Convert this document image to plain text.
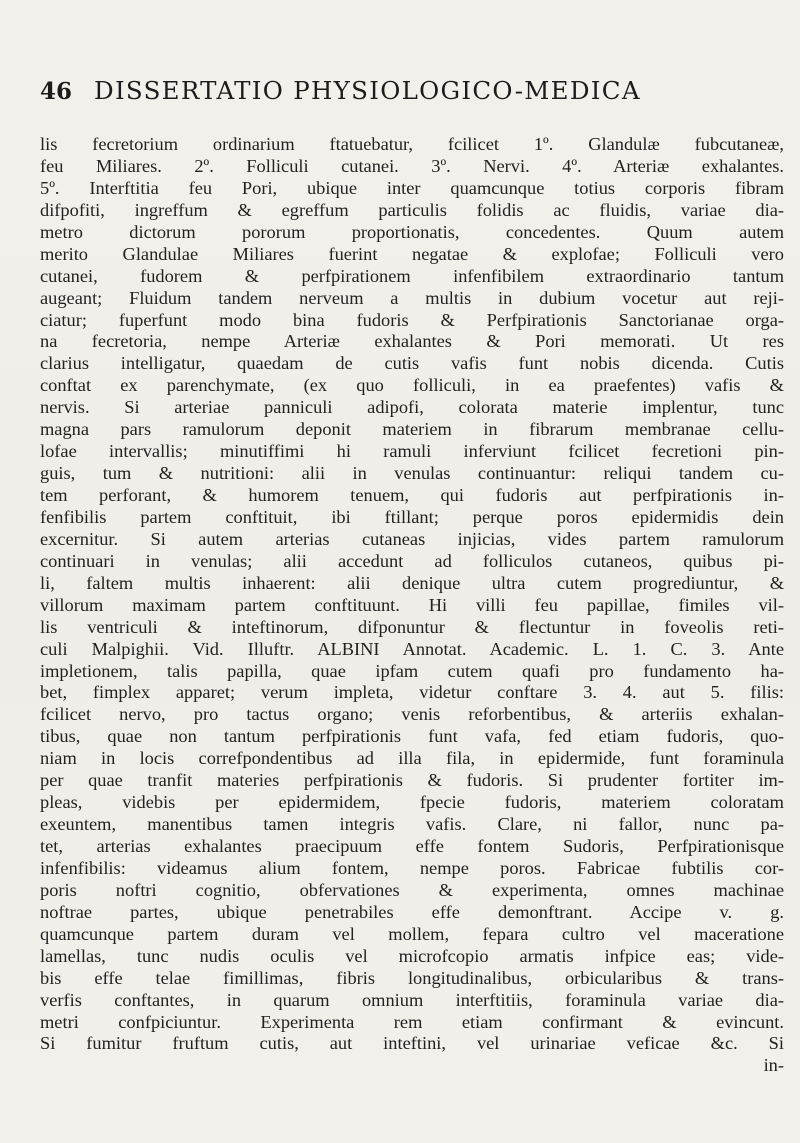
46 DISSERTATIO PHYSIOLOGICO-MEDICA
lis fecretorium ordinarium ftatuebatur, fcilicet 1º. Glandulæ fubcutaneæ,
feu Miliares. 2º. Folliculi cutanei. 3º. Nervi. 4º. Arteriæ exhalantes.
5º. Interftitia feu Pori, ubique inter quamcunque totius corporis fibram
difpofiti, ingreffum & egreffum particulis folidis ac fluidis, variae dia-
metro dictorum pororum proportionatis, concedentes. Quum autem
merito Glandulae Miliares fuerint negatae & explofae; Folliculi vero
cutanei, fudorem & perfpirationem infenfibilem extraordinario tantum
augeant; Fluidum tandem nerveum a multis in dubium vocetur aut reji-
ciatur; fuperfunt modo bina fudoris & Perfpirationis Sanctorianae orga-
na fecretoria, nempe Arteriæ exhalantes & Pori memorati. Ut res
clarius intelligatur, quaedam de cutis vafis funt nobis dicenda. Cutis
conftat ex parenchymate, (ex quo folliculi, in ea praefentes) vafis &
nervis. Si arteriae panniculi adipofi, colorata materie implentur, tunc
magna pars ramulorum deponit materiem in fibrarum membranae cellu-
lofae intervallis; minutiffimi hi ramuli inferviunt fcilicet fecretioni pin-
guis, tum & nutritioni: alii in venulas continuantur: reliqui tandem cu-
tem perforant, & humorem tenuem, qui fudoris aut perfpirationis in-
fenfibilis partem conftituit, ibi ftillant; perque poros epidermidis dein
excernitur. Si autem arterias cutaneas injicias, vides partem ramulorum
continuari in venulas; alii accedunt ad folliculos cutaneos, quibus pi-
li, faltem multis inhaerent: alii denique ultra cutem progrediuntur, &
villorum maximam partem conftituunt. Hi villi feu papillae, fimiles vil-
lis ventriculi & inteftinorum, difponuntur & flectuntur in foveolis reti-
culi Malpighii. Vid. Illuftr. ALBINI Annotat. Academic. L. 1. C. 3. Ante
impletionem, talis papilla, quae ipfam cutem quafi pro fundamento ha-
bet, fimplex apparet; verum impleta, videtur conftare 3. 4. aut 5. filis:
fcilicet nervo, pro tactus organo; venis reforbentibus, & arteriis exhalan-
tibus, quae non tantum perfpirationis funt vafa, fed etiam fudoris, quo-
niam in locis correfpondentibus ad illa fila, in epidermide, funt foraminula
per quae tranfit materies perfpirationis & fudoris. Si prudenter fortiter im-
pleas, videbis per epidermidem, fpecie fudoris, materiem coloratam
exeuntem, manentibus tamen integris vafis. Clare, ni fallor, nunc pa-
tet, arterias exhalantes praecipuum effe fontem Sudoris, Perfpirationisque
infenfibilis: videamus alium fontem, nempe poros. Fabricae fubtilis cor-
poris noftri cognitio, obfervationes & experimenta, omnes machinae
noftrae partes, ubique penetrabiles effe demonftrant. Accipe v. g.
quamcunque partem duram vel mollem, fepara cultro vel maceratione
lamellas, tunc nudis oculis vel microfcopio armatis infpice eas; vide-
bis effe telae fimillimas, fibris longitudinalibus, orbicularibus & trans-
verfis conftantes, in quarum omnium interftitiis, foraminula variae dia-
metri confpiciuntur. Experimenta rem etiam confirmant & evincunt.
Si fumitur fruftum cutis, aut inteftini, vel urinariae veficae &c. Si
in-
